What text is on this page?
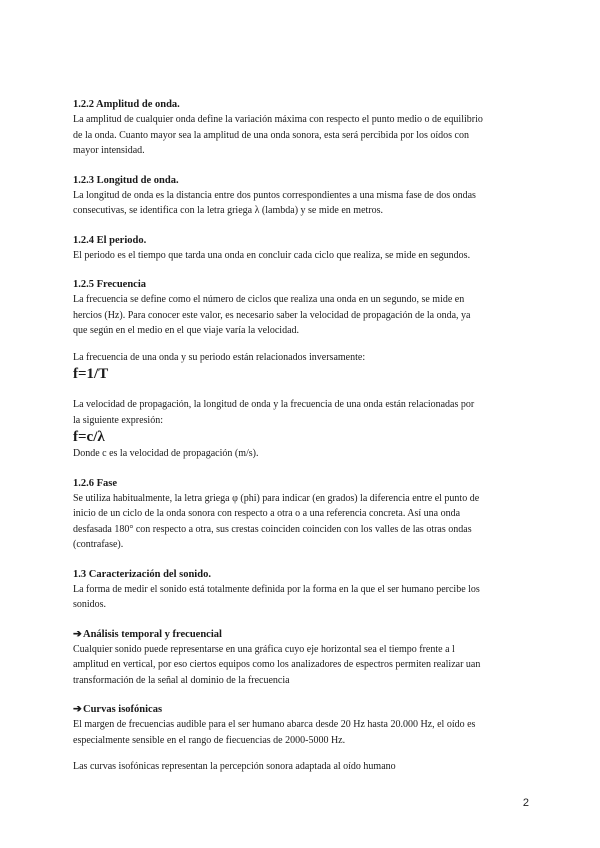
1.2.2 Amplitud de onda.

La amplitud de cualquier onda define la variación máxima con respecto el punto medio o de equilibrio

de la onda. Cuanto mayor sea la amplitud de una onda sonora, esta será percibida por los oídos con

mayor intensidad.

1.2.3 Longitud de onda.

La longitud de onda es la distancia entre dos puntos correspondientes a una misma fase de dos ondas

consecutivas, se identifica con la letra griega λ (lambda) y se mide en metros.

1.2.4 El periodo.

El periodo es el tiempo que tarda una onda en concluir cada ciclo que realiza, se mide en segundos.

1.2.5 Frecuencia

La frecuencia se define como el número de ciclos que realiza una onda en un segundo, se mide en

hercios (Hz). Para conocer este valor, es necesario saber la velocidad de propagación de la onda, ya

que según en el medio en el que viaje varía la velocidad.

La frecuencia de una onda y su periodo están relacionados inversamente:

f=1/T

La velocidad de propagación, la longitud de onda y la frecuencia de una onda están relacionadas por

la siguiente expresión:

f=c/λ

Donde c es la velocidad de propagación (m/s).

1.2.6 Fase

Se utiliza habitualmente, la letra griega φ (phi) para indicar (en grados) la diferencia entre el punto de

inicio de un ciclo de la onda sonora con respecto a otra o a una referencia concreta. Así una onda

desfasada 180° con respecto a otra, sus crestas coinciden coinciden con los valles de las otras ondas

(contrafase).

1.3 Caracterización del sonido.

La forma de medir el sonido está totalmente definida por la forma en la que el ser humano percibe los

sonidos.

➔Análisis temporal y frecuencial

Cualquier sonido puede representarse en una gráfica cuyo eje horizontal sea el tiempo frente a l

amplitud en vertical, por eso ciertos equipos como los analizadores de espectros permiten realizar uan

transformación de la señal al dominio de la frecuencia

➔Curvas isofónicas

El margen de frecuencias audible para el ser humano abarca desde 20 Hz hasta 20.000 Hz, el oído es

especialmente sensible en el rango de fiecuencias de 2000-5000 Hz.

Las curvas isofónicas representan la percepción sonora adaptada al oído humano

2
